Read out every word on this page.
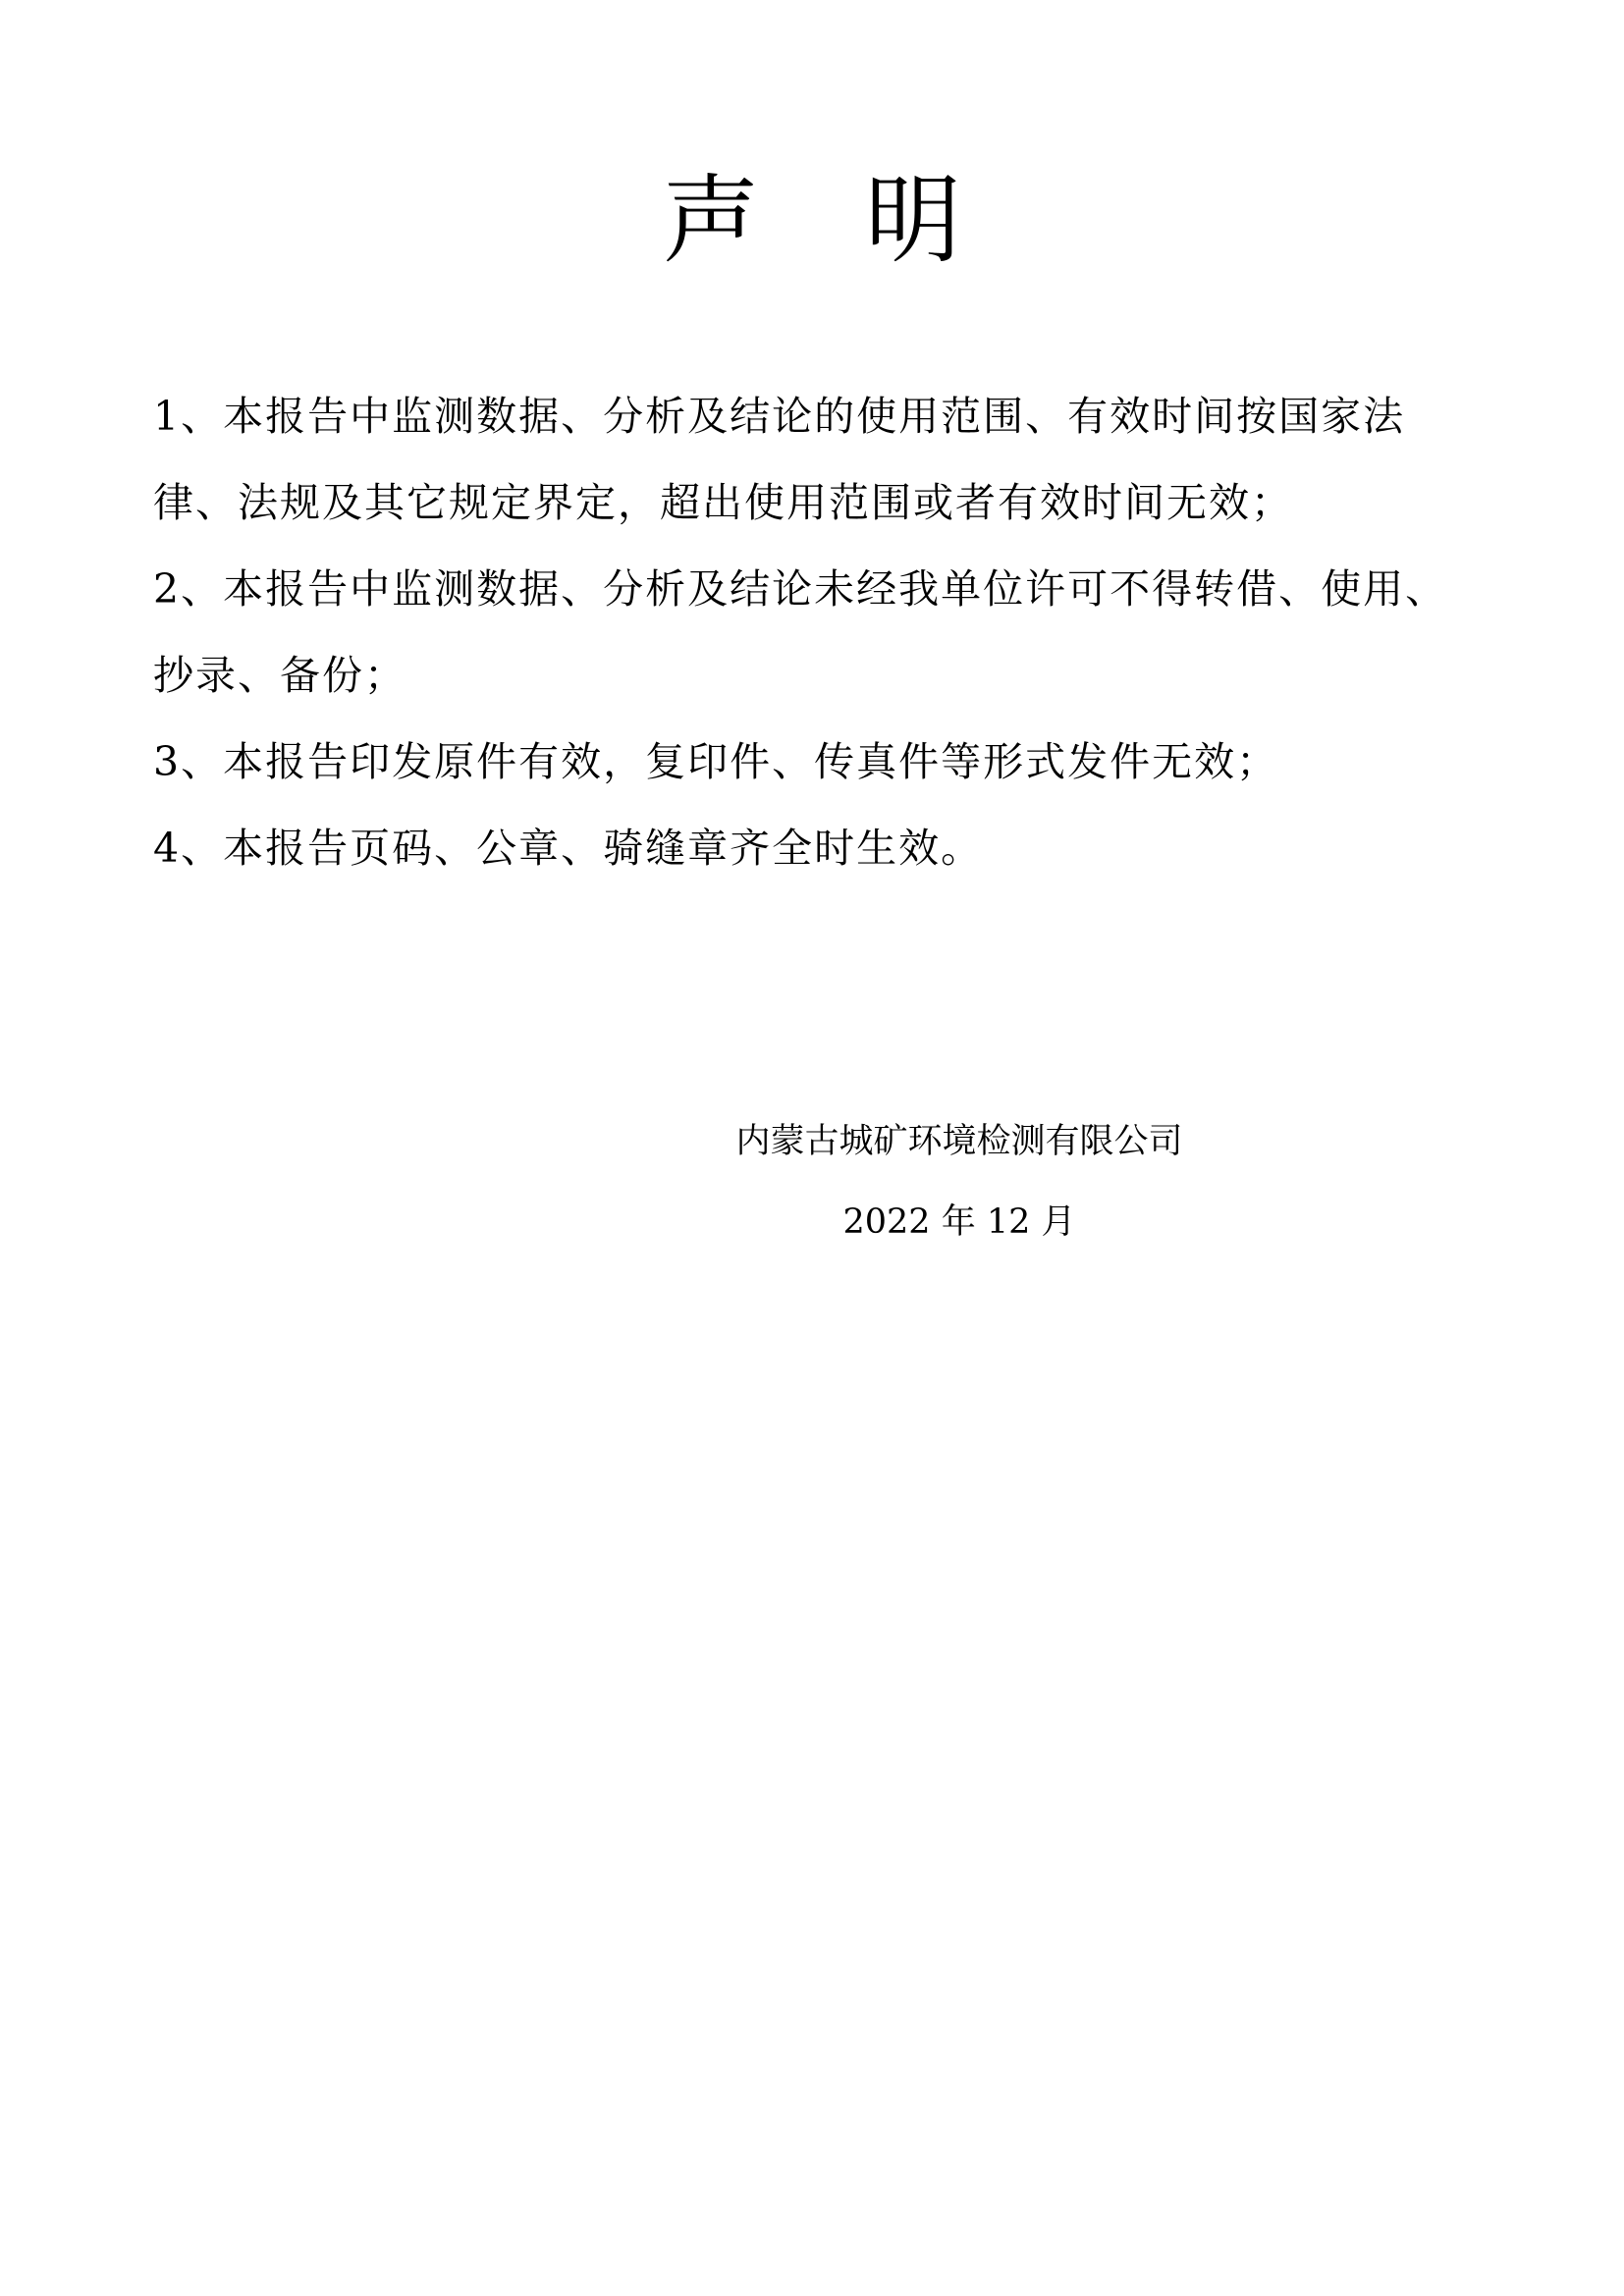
声 明

1、本报告中监测数据、分析及结论的使用范围、有效时间按国家法律、法规及其它规定界定，超出使用范围或者有效时间无效；

2、本报告中监测数据、分析及结论未经我单位许可不得转借、使用、抄录、备份；

3、本报告印发原件有效，复印件、传真件等形式发件无效；

4、本报告页码、公章、骑缝章齐全时生效。

内蒙古城矿环境检测有限公司
2022 年 12 月
